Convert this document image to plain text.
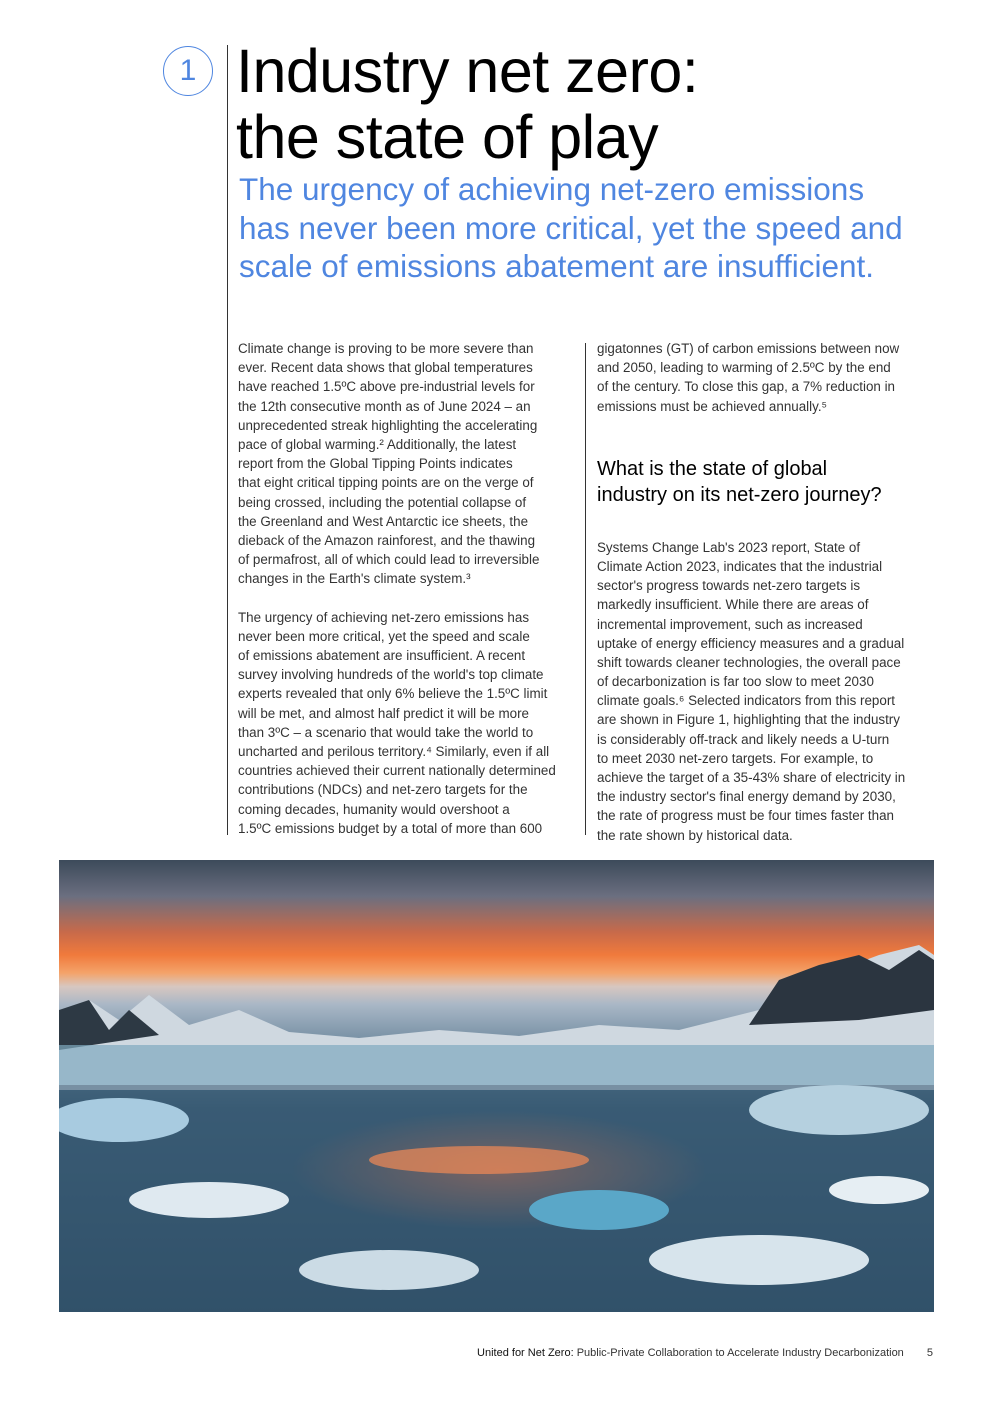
1 Industry net zero:
the state of play
The urgency of achieving net-zero emissions
has never been more critical, yet the speed and
scale of emissions abatement are insufficient.
Climate change is proving to be more severe than
ever. Recent data shows that global temperatures
have reached 1.5ºC above pre-industrial levels for
the 12th consecutive month as of June 2024 – an
unprecedented streak highlighting the accelerating
pace of global warming.² Additionally, the latest
report from the Global Tipping Points indicates
that eight critical tipping points are on the verge of
being crossed, including the potential collapse of
the Greenland and West Antarctic ice sheets, the
dieback of the Amazon rainforest, and the thawing
of permafrost, all of which could lead to irreversible
changes in the Earth's climate system.³
The urgency of achieving net-zero emissions has
never been more critical, yet the speed and scale
of emissions abatement are insufficient. A recent
survey involving hundreds of the world's top climate
experts revealed that only 6% believe the 1.5ºC limit
will be met, and almost half predict it will be more
than 3ºC – a scenario that would take the world to
uncharted and perilous territory.⁴ Similarly, even if all
countries achieved their current nationally determined
contributions (NDCs) and net-zero targets for the
coming decades, humanity would overshoot a
1.5ºC emissions budget by a total of more than 600
gigatonnes (GT) of carbon emissions between now
and 2050, leading to warming of 2.5ºC by the end
of the century. To close this gap, a 7% reduction in
emissions must be achieved annually.⁵
What is the state of global
industry on its net-zero journey?
Systems Change Lab's 2023 report, State of
Climate Action 2023, indicates that the industrial
sector's progress towards net-zero targets is
markedly insufficient. While there are areas of
incremental improvement, such as increased
uptake of energy efficiency measures and a gradual
shift towards cleaner technologies, the overall pace
of decarbonization is far too slow to meet 2030
climate goals.⁶ Selected indicators from this report
are shown in Figure 1, highlighting that the industry
is considerably off-track and likely needs a U-turn
to meet 2030 net-zero targets. For example, to
achieve the target of a 35-43% share of electricity in
the industry sector's final energy demand by 2030,
the rate of progress must be four times faster than
the rate shown by historical data.
United for Net Zero: Public-Private Collaboration to Accelerate Industry Decarbonization 5
